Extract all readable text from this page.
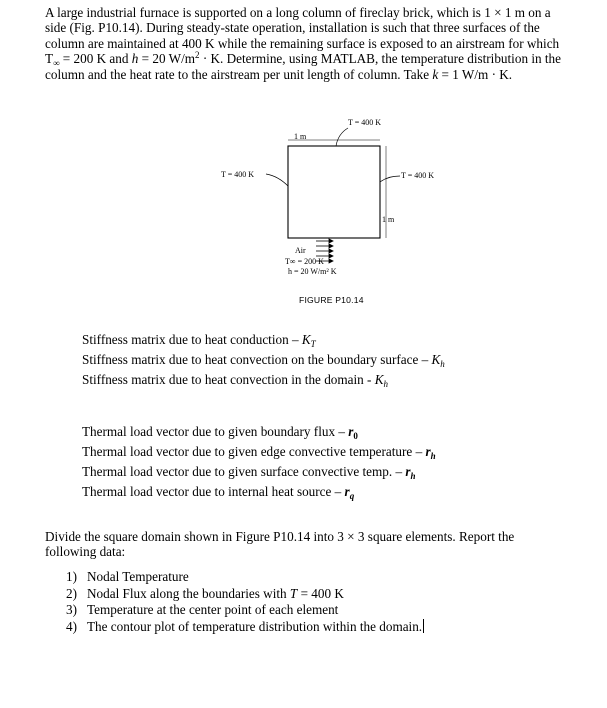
A large industrial furnace is supported on a long column of fireclay brick, which is 1 × 1 m on a side (Fig. P10.14). During steady-state operation, installation is such that three surfaces of the column are maintained at 400 K while the remaining surface is exposed to an airstream for which $T_\infty = 200$ K and h = 20 $W/m^2 \cdot K$. Determine, using MATLAB, the temperature distribution in the column and the heat rate to the airstream per unit length of column. Take k = 1 W/m · K.

T = 400 K
1 m
T = 400 K	T = 400 K
1 m
Air
T∞ = 200 K
h = 20 W/m² K
FIGURE P10.14
Stiffness matrix due to heat conduction – $K_T$
Stiffness matrix due to heat convection on the boundary surface – $K_h$
Stiffness matrix due to heat convection in the domain - $K_h$
Thermal load vector due to given boundary flux – $r_0$
Thermal load vector due to given edge convective temperature – $r_h$
Thermal load vector due to given surface convective temp. – $r_h$
Thermal load vector due to internal heat source – $r_q$

Divide the square domain shown in Figure P10.14 into 3 × 3 square elements. Report the following data:

1) Nodal Temperature
2) Nodal Flux along the boundaries with T = 400 K
3) Temperature at the center point of each element
4) The contour plot of temperature distribution within the domain.
